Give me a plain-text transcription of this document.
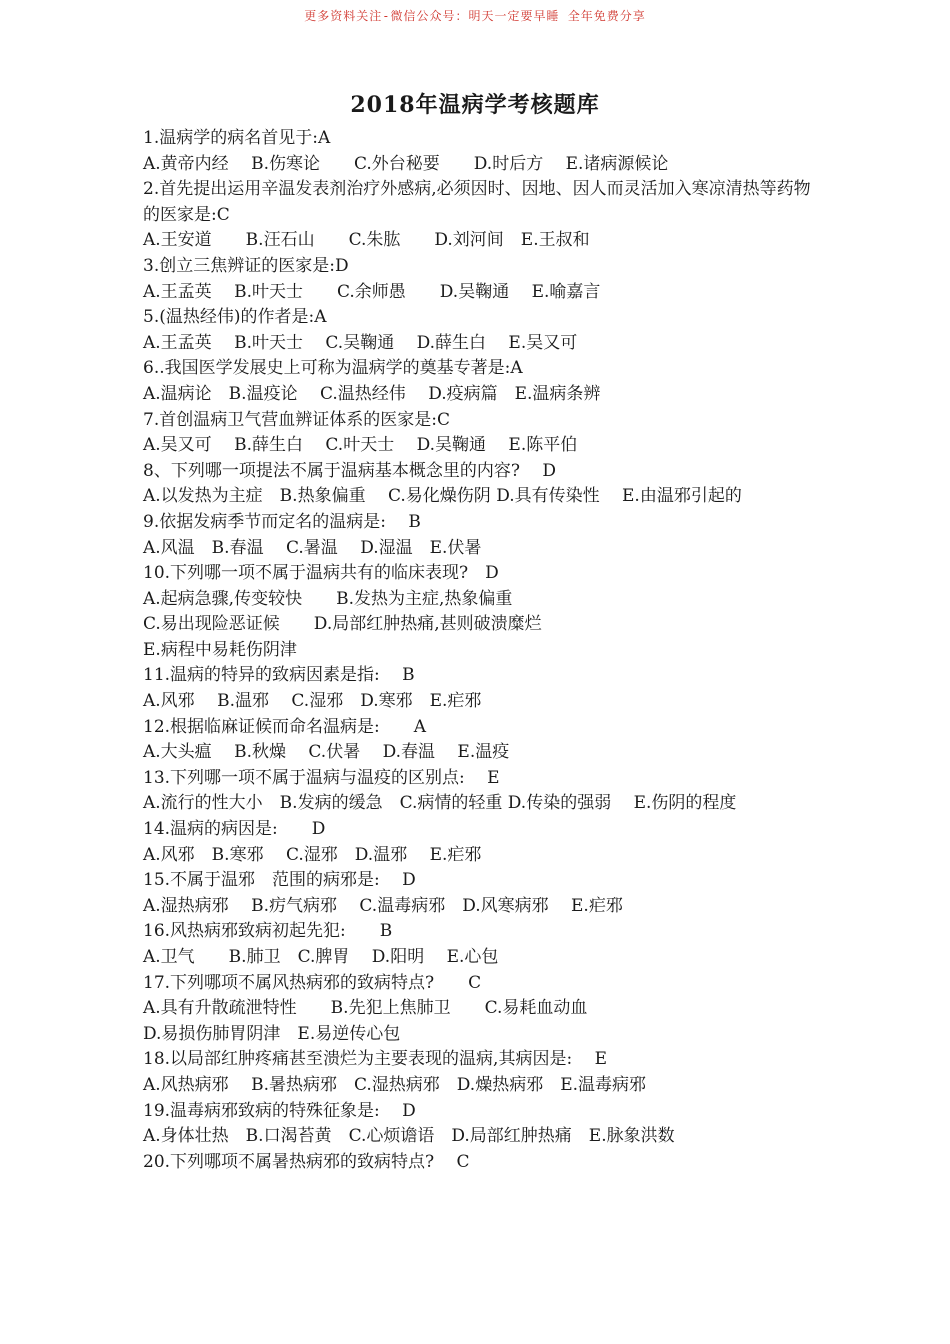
更多资料关注-微信公众号：明天一定要早睡 全年免费分享
2018年温病学考核题库
1.温病学的病名首见于:A
A.黄帝内经　 B.伤寒论　　C.外台秘要　　D.时后方　 E.诸病源候论
2.首先提出运用辛温发表剂治疗外感病,必须因时、因地、因人而灵活加入寒凉清热等药物的医家是:C
A.王安道　　B.汪石山　　C.朱肱　　D.刘河间　E.王叔和
3.创立三焦辨证的医家是:D
A.王孟英　 B.叶天士　　C.余师愚　　D.吴鞠通　 E.喻嘉言
5.(温热经伟)的作者是:A
A.王孟英　 B.叶天士　 C.吴鞠通　 D.薛生白　 E.吴又可
6..我国医学发展史上可称为温病学的奠基专著是:A
A.温病论　B.温疫论　 C.温热经伟　 D.疫病篇　E.温病条辨
7.首创温病卫气营血辨证体系的医家是:C
A.吴又可　 B.薛生白　 C.叶天士　 D.吴鞠通　 E.陈平伯
8、下列哪一项提法不属于温病基本概念里的内容?　 D
A.以发热为主症　B.热象偏重　 C.易化燥伤阴 D.具有传染性　 E.由温邪引起的
9.依据发病季节而定名的温病是:　 B
A.风温　B.春温　 C.暑温　 D.湿温　E.伏暑
10.下列哪一项不属于温病共有的临床表现?　D
A.起病急骤,传变较快　　B.发热为主症,热象偏重
C.易出现险恶证候　　D.局部红肿热痛,甚则破溃糜烂
E.病程中易耗伤阴津
11.温病的特异的致病因素是指:　 B
A.风邪　 B.温邪　 C.湿邪　D.寒邪　E.疟邪
12.根据临麻证候而命名温病是:　　A
A.大头瘟　 B.秋燥　 C.伏暑　 D.春温　 E.温疫
13.下列哪一项不属于温病与温疫的区别点:　 E
A.流行的性大小　B.发病的缓急　C.病情的轻重 D.传染的强弱　 E.伤阴的程度
14.温病的病因是:　　D
A.风邪　B.寒邪　 C.湿邪　D.温邪　 E.疟邪
15.不属于温邪　范围的病邪是:　 D
A.湿热病邪　 B.疠气病邪　 C.温毒病邪　D.风寒病邪　 E.疟邪
16.风热病邪致病初起先犯:　　B
A.卫气　　B.肺卫　C.脾胃　 D.阳明　 E.心包
17.下列哪项不属风热病邪的致病特点?　　C
A.具有升散疏泄特性　　B.先犯上焦肺卫　　C.易耗血动血
D.易损伤肺胃阴津　E.易逆传心包
18.以局部红肿疼痛甚至溃烂为主要表现的温病,其病因是:　 E
A.风热病邪　 B.暑热病邪　C.湿热病邪　D.燥热病邪　E.温毒病邪
19.温毒病邪致病的特殊征象是:　 D
A.身体壮热　B.口渴苔黄　C.心烦谵语　D.局部红肿热痛　E.脉象洪数
20.下列哪项不属暑热病邪的致病特点?　 C
